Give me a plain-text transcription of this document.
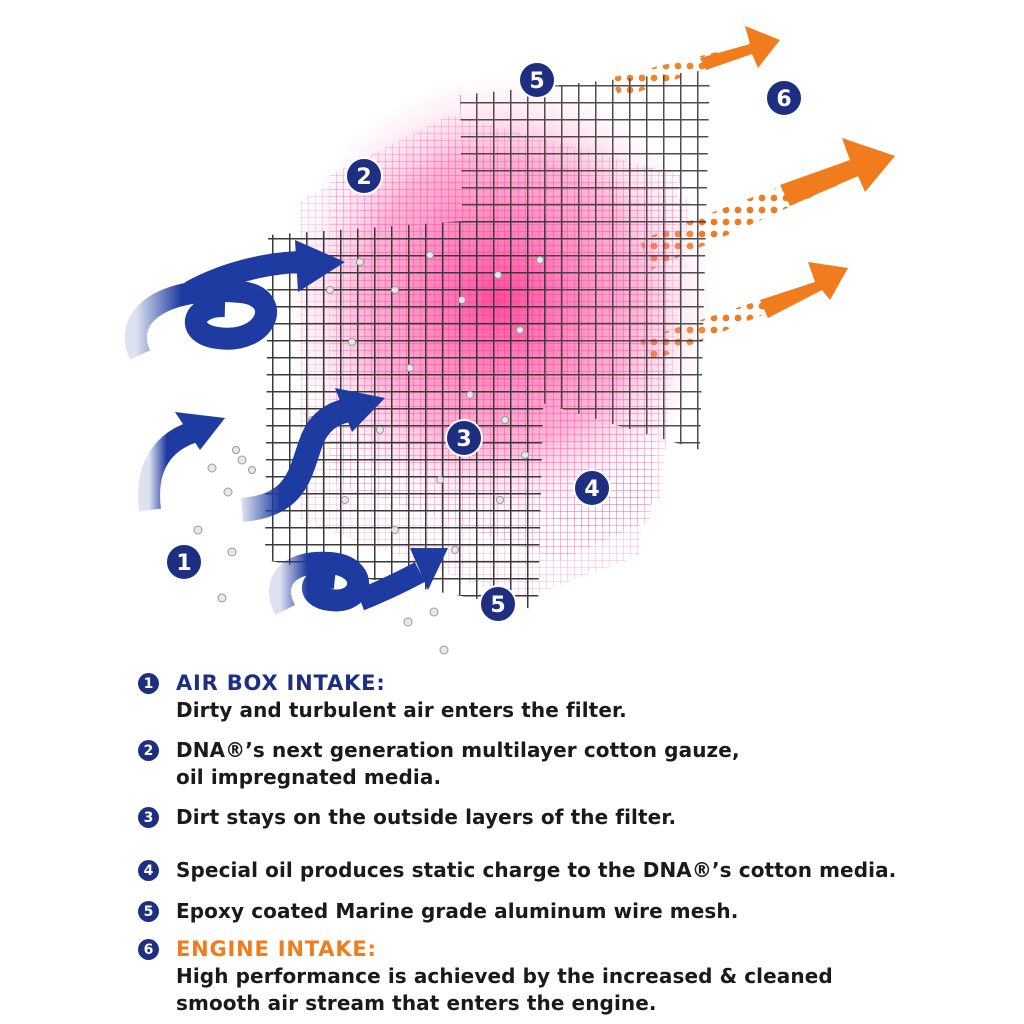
1
2
3
4
5
5
6
1 AIR BOX INTAKE:
Dirty and turbulent air enters the filter.
2 DNA®’s next generation multilayer cotton gauze,
oil impregnated media.
3 Dirt stays on the outside layers of the filter.
4 Special oil produces static charge to the DNA®’s cotton media.
5 Epoxy coated Marine grade aluminum wire mesh.
6 ENGINE INTAKE:
High performance is achieved by the increased & cleaned
smooth air stream that enters the engine.
